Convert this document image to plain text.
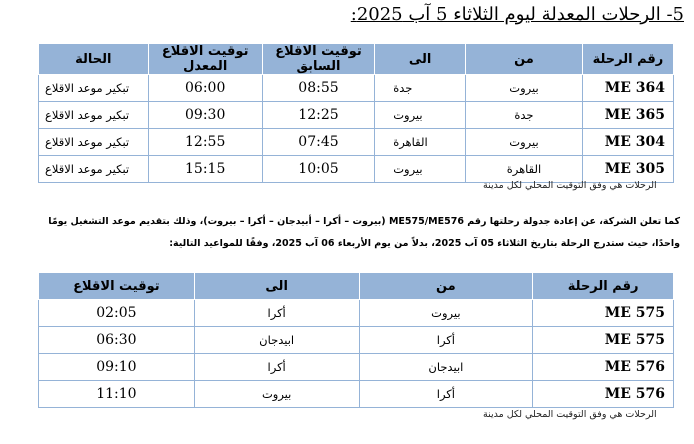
5- الرحلات المعدلة ليوم الثلاثاء 5 آب 2025:
رقم الرحلة	من	الى	توقيت الاقلاع السابق	توقيت الاقلاع المعدل	الحالة
ME 364	بيروت	جدة	08:55	06:00	تبكير موعد الاقلاع
ME 365	جدة	بيروت	12:25	09:30	تبكير موعد الاقلاع
ME 304	بيروت	القاهرة	07:45	12:55	تبكير موعد الاقلاع
ME 305	القاهرة	بيروت	10:05	15:15	تبكير موعد الاقلاع
الرحلات هي وفق التوقيت المحلي لكل مدينة
كما تعلن الشركة، عن إعادة جدولة رحلتها رقم ME575/ME576 (بيروت – أكرا – أبيدجان – أكرا – بيروت)، وذلك بتقديم موعد التشغيل يومًا
واحدًا، حيث ستدرج الرحلة بتاريخ الثلاثاء 05 آب 2025، بدلاً من يوم الأربعاء 06 آب 2025، وفقًا للمواعيد التالية:
رقم الرحلة	من	الى	توقيت الاقلاع
ME 575	بيروت	أكرا	02:05
ME 575	أكرا	ابيدجان	06:30
ME 576	ابيدجان	أكرا	09:10
ME 576	أكرا	بيروت	11:10
الرحلات هي وفق التوقيت المحلي لكل مدينة
